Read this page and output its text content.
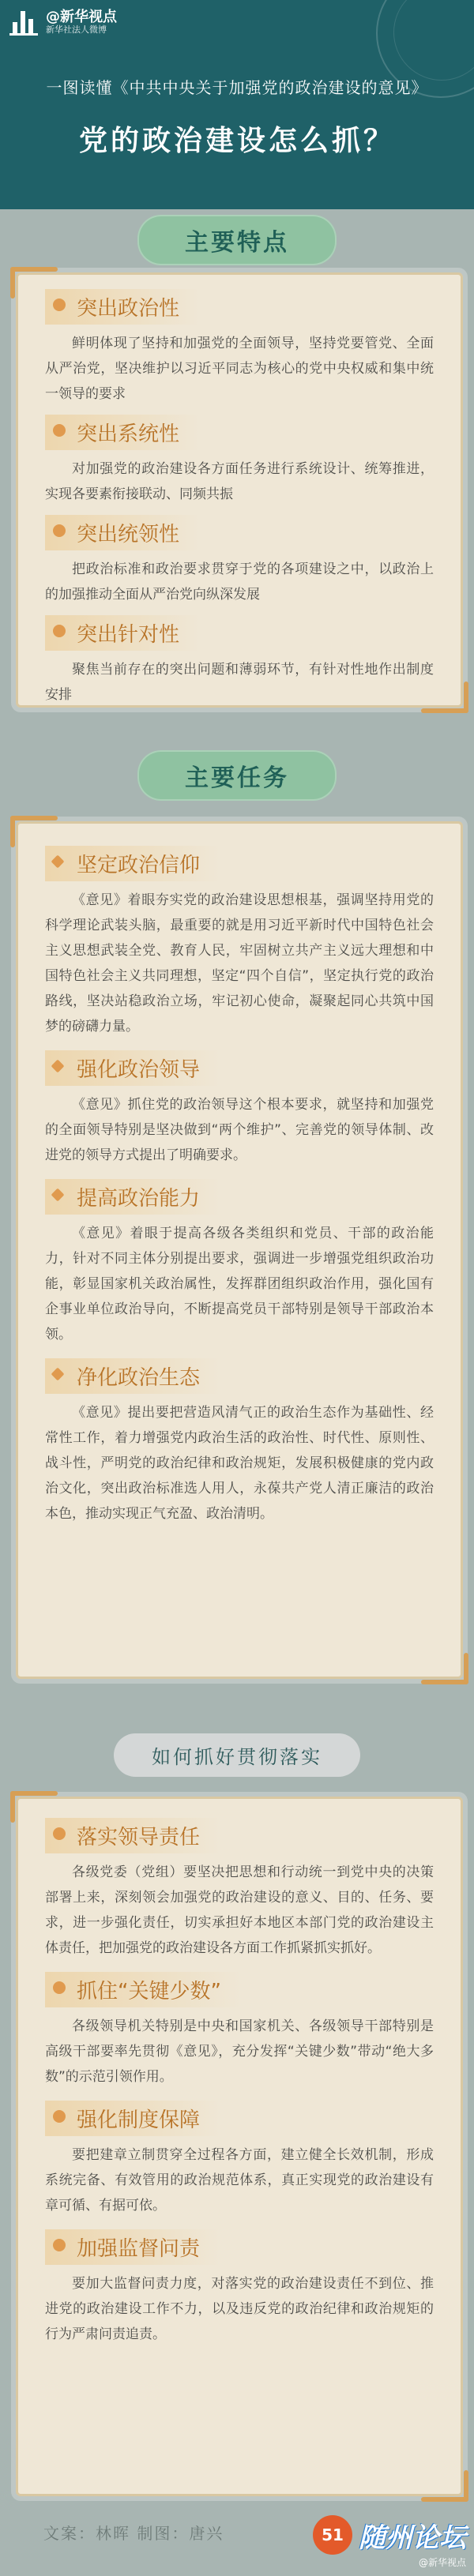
@新华视点
新华社法人微博
一图读懂《中共中央关于加强党的政治建设的意见》
党的政治建设怎么抓？
主要特点
突出政治性
鲜明体现了坚持和加强党的全面领导，坚持党要管党、全面从严治党，坚决维护以习近平同志为核心的党中央权威和集中统一领导的要求
突出系统性
对加强党的政治建设各方面任务进行系统设计、统筹推进，实现各要素衔接联动、同频共振
突出统领性
把政治标准和政治要求贯穿于党的各项建设之中，以政治上的加强推动全面从严治党向纵深发展
突出针对性
聚焦当前存在的突出问题和薄弱环节，有针对性地作出制度安排
主要任务
坚定政治信仰
《意见》着眼夯实党的政治建设思想根基，强调坚持用党的科学理论武装头脑，最重要的就是用习近平新时代中国特色社会主义思想武装全党、教育人民，牢固树立共产主义远大理想和中国特色社会主义共同理想，坚定“四个自信”，坚定执行党的政治路线，坚决站稳政治立场，牢记初心使命，凝聚起同心共筑中国梦的磅礴力量。
强化政治领导
《意见》抓住党的政治领导这个根本要求，就坚持和加强党的全面领导特别是坚决做到“两个维护”、完善党的领导体制、改进党的领导方式提出了明确要求。
提高政治能力
《意见》着眼于提高各级各类组织和党员、干部的政治能力，针对不同主体分别提出要求，强调进一步增强党组织政治功能，彰显国家机关政治属性，发挥群团组织政治作用，强化国有企事业单位政治导向，不断提高党员干部特别是领导干部政治本领。
净化政治生态
《意见》提出要把营造风清气正的政治生态作为基础性、经常性工作，着力增强党内政治生活的政治性、时代性、原则性、战斗性，严明党的政治纪律和政治规矩，发展积极健康的党内政治文化，突出政治标准选人用人，永葆共产党人清正廉洁的政治本色，推动实现正气充盈、政治清明。
如何抓好贯彻落实
落实领导责任
各级党委（党组）要坚决把思想和行动统一到党中央的决策部署上来，深刻领会加强党的政治建设的意义、目的、任务、要求，进一步强化责任，切实承担好本地区本部门党的政治建设主体责任，把加强党的政治建设各方面工作抓紧抓实抓好。
抓住“关键少数”
各级领导机关特别是中央和国家机关、各级领导干部特别是高级干部要率先贯彻《意见》，充分发挥“关键少数”带动“绝大多数”的示范引领作用。
强化制度保障
要把建章立制贯穿全过程各方面，建立健全长效机制，形成系统完备、有效管用的政治规范体系，真正实现党的政治建设有章可循、有据可依。
加强监督问责
要加大监督问责力度，对落实党的政治建设责任不到位、推进党的政治建设工作不力，以及违反党的政治纪律和政治规矩的行为严肃问责追责。
文案：林晖 制图：唐兴	51 随州论坛
@新华视点
